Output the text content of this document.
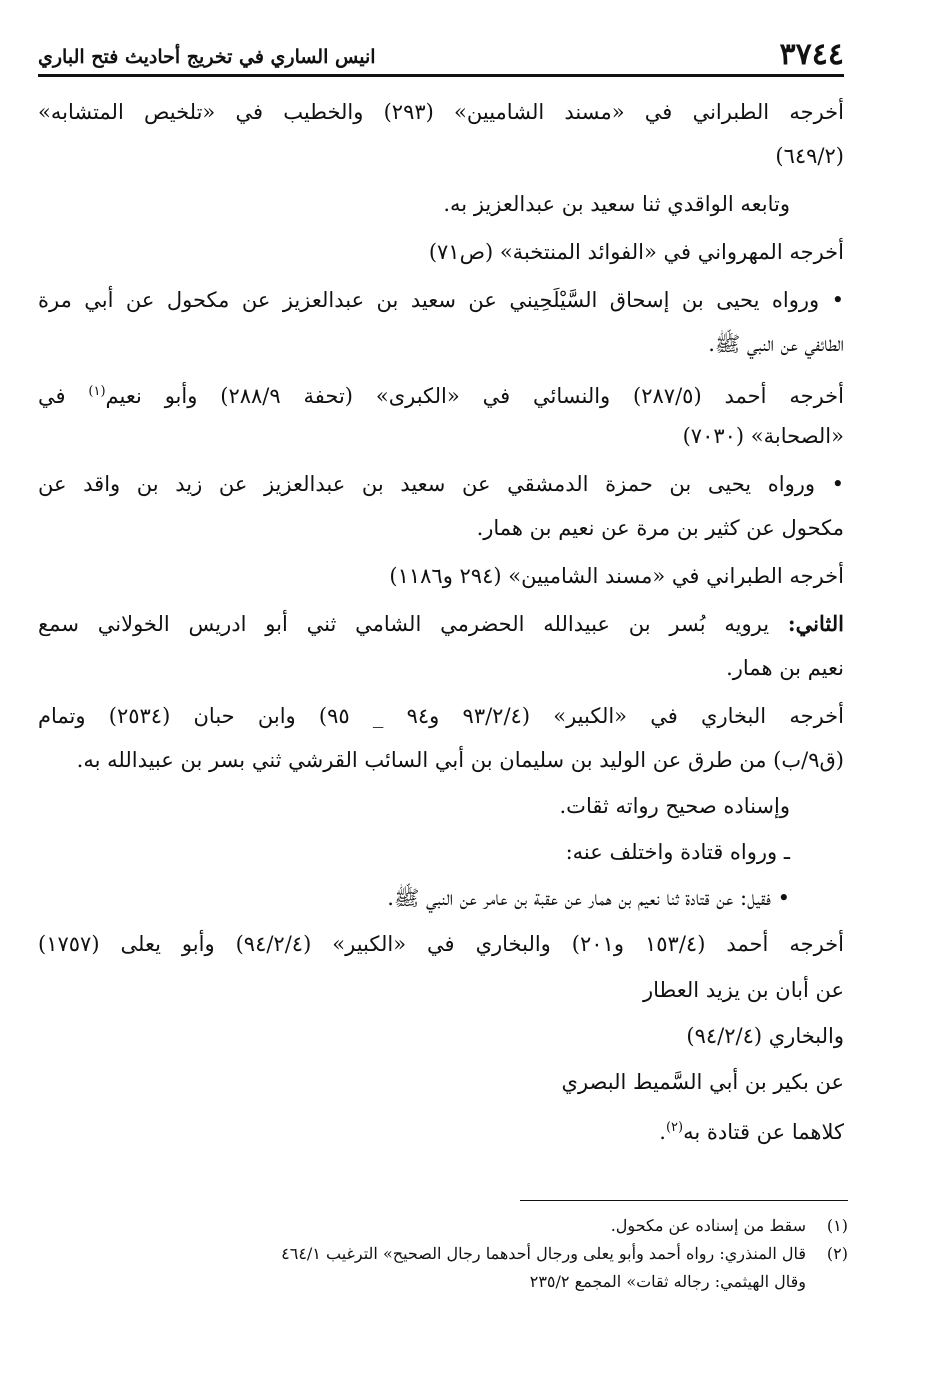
٣٧٤٤
انيس الساري في تخريج أحاديث فتح الباري
أخرجه الطبراني في «مسند الشاميين» (٢٩٣) والخطيب في «تلخيص المتشابه»
(٦٤٩/٢)
وتابعه الواقدي ثنا سعيد بن عبدالعزيز به.
أخرجه المهرواني في «الفوائد المنتخبة» (ص٧١)
• ورواه يحيى بن إسحاق السَّيْلَحِيني عن سعيد بن عبدالعزيز عن مكحول عن أبي مرة
الطائفي عن النبي ﷺ.
أخرجه أحمد (٢٨٧/٥) والنسائي في «الكبرى» (تحفة ٢٨٨/٩) وأبو نعيم$^{(١)}$ في
«الصحابة» (٧٠٣٠)
• ورواه يحيى بن حمزة الدمشقي عن سعيد بن عبدالعزيز عن زيد بن واقد عن
مكحول عن كثير بن مرة عن نعيم بن همار.
أخرجه الطبراني في «مسند الشاميين» (٢٩٤ و١١٨٦)
الثاني: يرويه بُسر بن عبيدالله الحضرمي الشامي ثني أبو ادريس الخولاني سمع
نعيم بن همار.
أخرجه البخاري في «الكبير» (٩٣/٢/٤ و٩٤ _ ٩٥) وابن حبان (٢٥٣٤) وتمام
(ق٩/ب) من طرق عن الوليد بن سليمان بن أبي السائب القرشي ثني بسر بن عبيدالله به.
وإسناده صحيح رواته ثقات.
ـ ورواه قتادة واختلف عنه:
• فقيل: عن قتادة ثنا نعيم بن همار عن عقبة بن عامر عن النبي ﷺ.
أخرجه أحمد (١٥٣/٤ و٢٠١) والبخاري في «الكبير» (٩٤/٢/٤) وأبو يعلى (١٧٥٧)
عن أبان بن يزيد العطار
والبخاري (٩٤/٢/٤)
عن بكير بن أبي السَّميط البصري
كلاهما عن قتادة به$^{(٢)}$.
(١)سقط من إسناده عن مكحول.
(٢)قال المنذري: رواه أحمد وأبو يعلى ورجال أحدهما رجال الصحيح» الترغيب ٤٦٤/١
وقال الهيثمي: رجاله ثقات» المجمع ٢٣٥/٢
